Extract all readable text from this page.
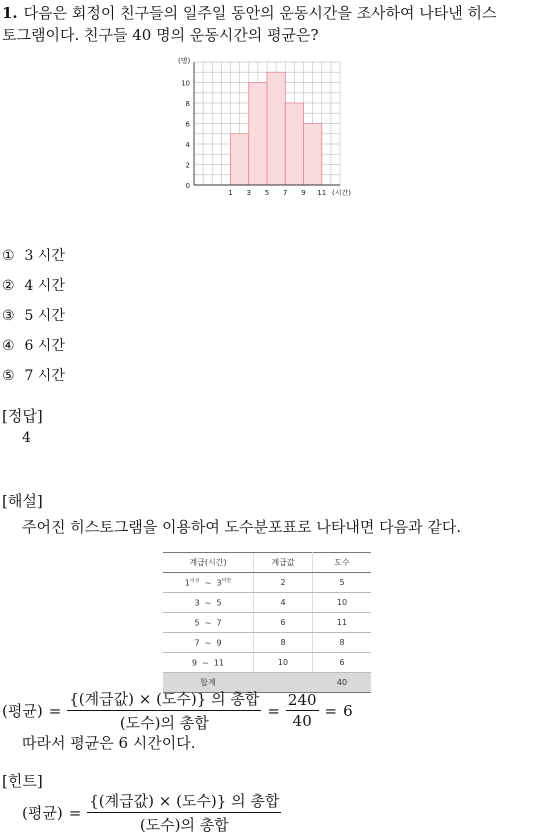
1. 다음은 회정이 친구들의 일주일 동안의 운동시간을 조사하여 나타낸 히스
토그램이다. 친구들 40 명의 운동시간의 평균은?
0
2
4
6
8
10
1 3 5 7 9 11
(명)
(시간)
① 3 시간
② 4 시간
③ 5 시간
④ 6 시간
⑤ 7 시간
[정답]
4
[해설]
주어진 히스토그램을 이용하여 도수분포표로 나타내면 다음과 같다.
계급(시간)	계급값	도수
$1^{이상}$ ~ $3^{미만}$	2	5
3 ~ 5	4	10
5 ~ 7	6	11
7 ~ 9	8	8
9 ~ 11	10	6
합계		40
(평균) = $\frac{\text{\{(계급값) × (도수)\} 의 총합}}{\text{(도수)의 총합}} = \frac{240}{40} = 6$
따라서 평균은 6 시간이다.
[힌트]
(평균) = $\frac{\text{\{(계급값) × (도수)\} 의 총합}}{\text{(도수)의 총합}}$
